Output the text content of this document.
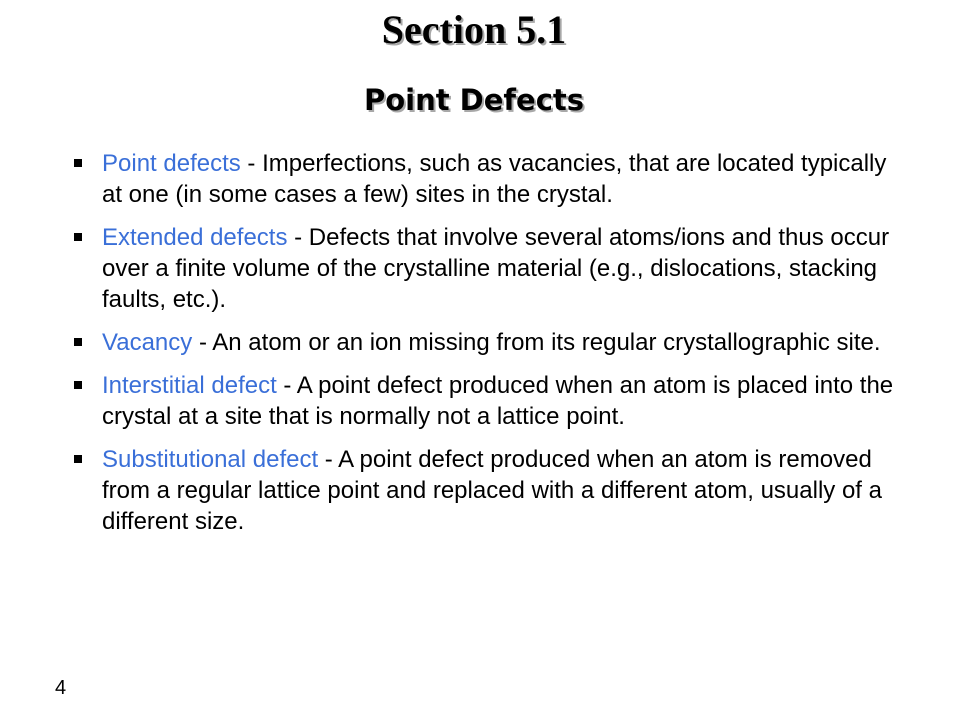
Section 5.1
Point Defects
Point defects - Imperfections, such as vacancies, that are located typically at one (in some cases a few) sites in the crystal.
Extended defects - Defects that involve several atoms/ions and thus occur over a finite volume of the crystalline material (e.g., dislocations, stacking faults, etc.).
Vacancy - An atom or an ion missing from its regular crystallographic site.
Interstitial defect - A point defect produced when an atom is placed into the crystal at a site that is normally not a lattice point.
Substitutional defect - A point defect produced when an atom is removed from a regular lattice point and replaced with a different atom, usually of a different size.
4
